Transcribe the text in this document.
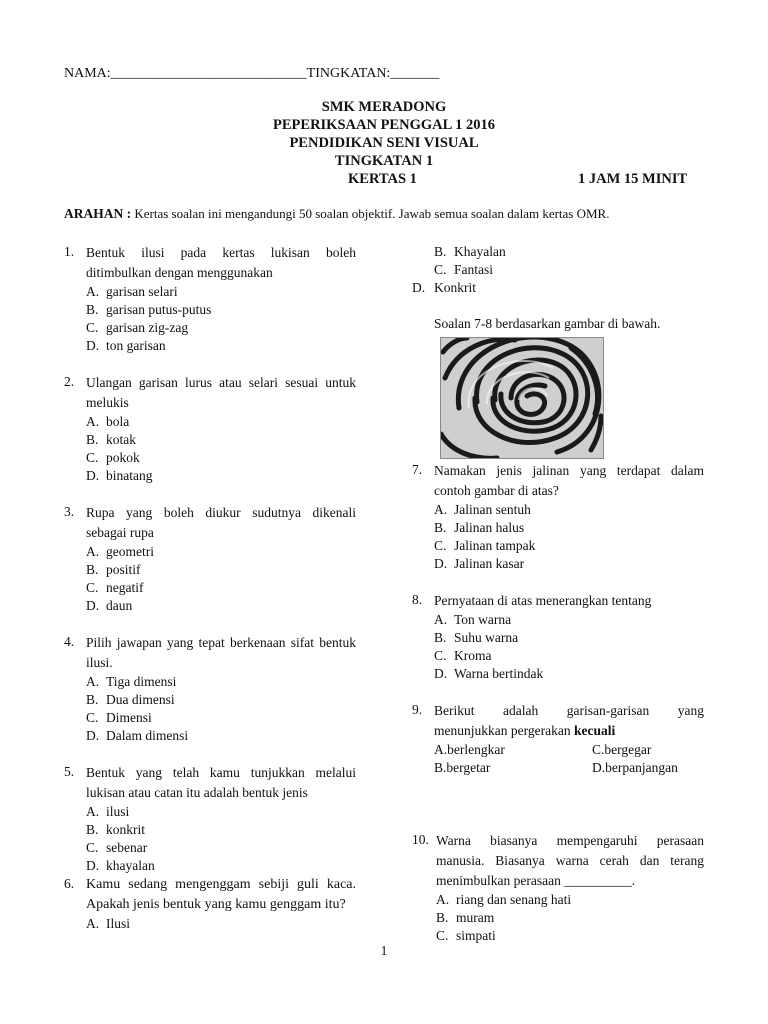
NAMA:____________________________TINGKATAN:_______
SMK MERADONG
PEPERIKSAAN PENGGAL 1 2016
PENDIDIKAN SENI VISUAL
TINGKATAN 1
KERTAS 1	1 JAM 15 MINIT
ARAHAN : Kertas soalan ini mengandungi 50 soalan objektif. Jawab semua soalan dalam kertas OMR.
1. Bentuk ilusi pada kertas lukisan boleh ditimbulkan dengan menggunakan
A. garisan selari
B. garisan putus-putus
C. garisan zig-zag
D. ton garisan
2. Ulangan garisan lurus atau selari sesuai untuk melukis
A. bola
B. kotak
C. pokok
D. binatang
3. Rupa yang boleh diukur sudutnya dikenali sebagai rupa
A. geometri
B. positif
C. negatif
D. daun
4. Pilih jawapan yang tepat berkenaan sifat bentuk ilusi.
A. Tiga dimensi
B. Dua dimensi
C. Dimensi
D. Dalam dimensi
5. Bentuk yang telah kamu tunjukkan melalui lukisan atau catan itu adalah bentuk jenis
A. ilusi
B. konkrit
C. sebenar
D. khayalan
6. Kamu sedang mengenggam sebiji guli kaca. Apakah jenis bentuk yang kamu genggam itu?
A. Ilusi
B. Khayalan
C. Fantasi
D. Konkrit
Soalan 7-8 berdasarkan gambar di bawah.
7. Namakan jenis jalinan yang terdapat dalam contoh gambar di atas?
A. Jalinan sentuh
B. Jalinan halus
C. Jalinan tampak
D. Jalinan kasar
8. Pernyataan di atas menerangkan tentang
A. Ton warna
B. Suhu warna
C. Kroma
D. Warna bertindak
9. Berikut adalah garisan-garisan yang menunjukkan pergerakan kecuali
A.berlengkar	C.bergegar
B.bergetar	D.berpanjangan
10. Warna biasanya mempengaruhi perasaan manusia. Biasanya warna cerah dan terang menimbulkan perasaan __________.
A. riang dan senang hati
B. muram
C. simpati
1
